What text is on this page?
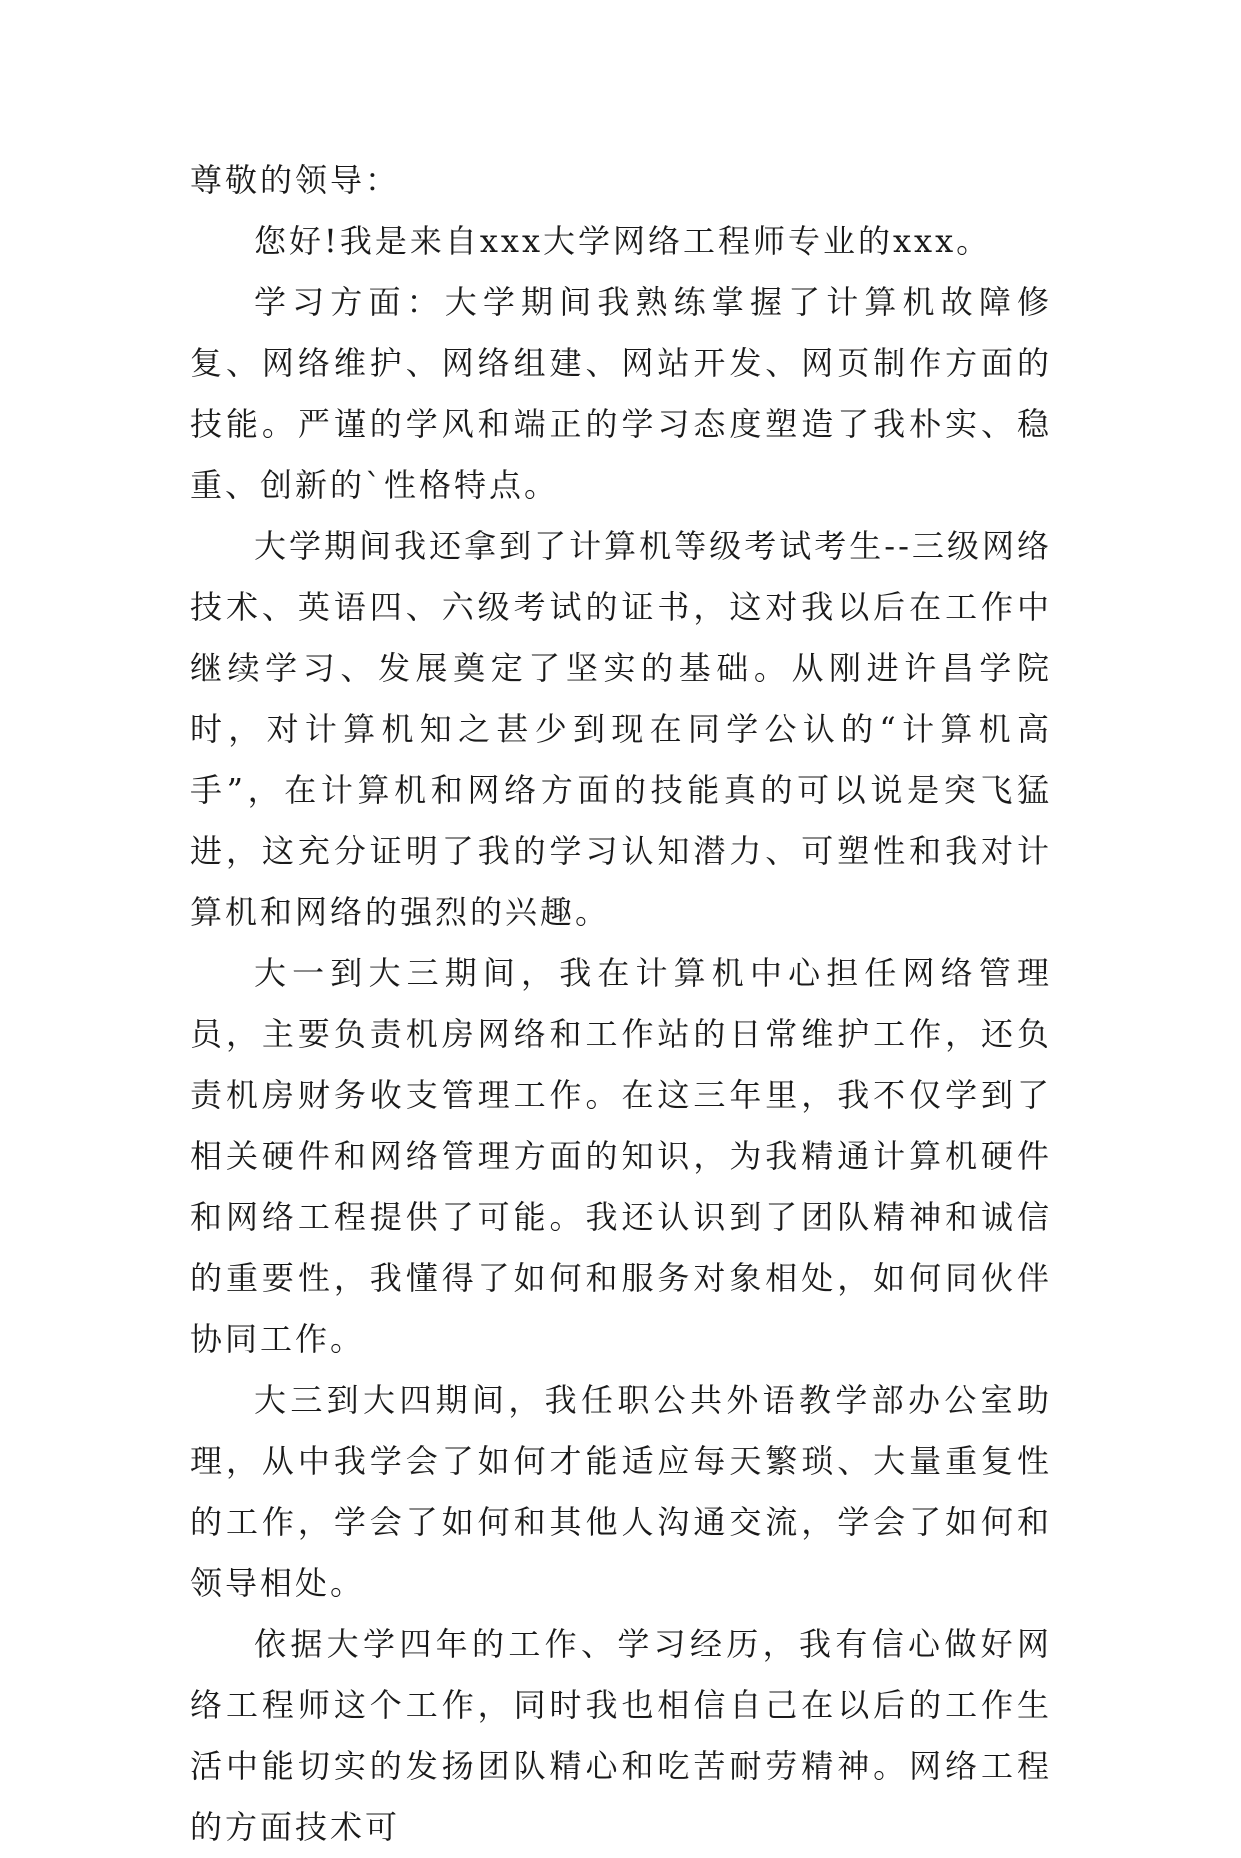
尊敬的领导：

您好!我是来自xxx大学网络工程师专业的xxx。

学习方面：大学期间我熟练掌握了计算机故障修复、网络维护、网络组建、网站开发、网页制作方面的技能。严谨的学风和端正的学习态度塑造了我朴实、稳重、创新的`性格特点。

大学期间我还拿到了计算机等级考试考生--三级网络技术、英语四、六级考试的证书，这对我以后在工作中继续学习、发展奠定了坚实的基础。从刚进许昌学院时，对计算机知之甚少到现在同学公认的“计算机高手”，在计算机和网络方面的技能真的可以说是突飞猛进，这充分证明了我的学习认知潜力、可塑性和我对计算机和网络的强烈的兴趣。

大一到大三期间，我在计算机中心担任网络管理员，主要负责机房网络和工作站的日常维护工作，还负责机房财务收支管理工作。在这三年里，我不仅学到了相关硬件和网络管理方面的知识，为我精通计算机硬件和网络工程提供了可能。我还认识到了团队精神和诚信的重要性，我懂得了如何和服务对象相处，如何同伙伴协同工作。

大三到大四期间，我任职公共外语教学部办公室助理，从中我学会了如何才能适应每天繁琐、大量重复性的工作，学会了如何和其他人沟通交流，学会了如何和领导相处。

依据大学四年的工作、学习经历，我有信心做好网络工程师这个工作，同时我也相信自己在以后的工作生活中能切实的发扬团队精心和吃苦耐劳精神。网络工程的方面技术可
